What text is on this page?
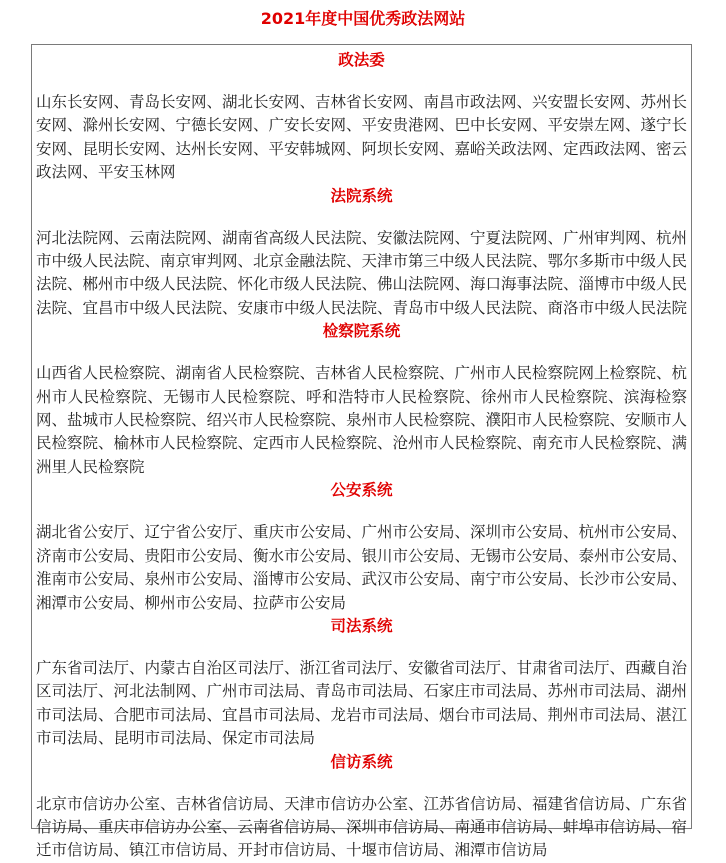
2021年度中国优秀政法网站
政法委

山东长安网、青岛长安网、湖北长安网、吉林省长安网、南昌市政法网、兴安盟长安网、苏州长安网、滁州长安网、宁德长安网、广安长安网、平安贵港网、巴中长安网、平安崇左网、遂宁长安网、昆明长安网、达州长安网、平安韩城网、阿坝长安网、嘉峪关政法网、定西政法网、密云政法网、平安玉林网

法院系统

河北法院网、云南法院网、湖南省高级人民法院、安徽法院网、宁夏法院网、广州审判网、杭州市中级人民法院、南京审判网、北京金融法院、天津市第三中级人民法院、鄂尔多斯市中级人民法院、郴州市中级人民法院、怀化市级人民法院、佛山法院网、海口海事法院、淄博市中级人民法院、宜昌市中级人民法院、安康市中级人民法院、青岛市中级人民法院、商洛市中级人民法院

检察院系统

山西省人民检察院、湖南省人民检察院、吉林省人民检察院、广州市人民检察院网上检察院、杭州市人民检察院、无锡市人民检察院、呼和浩特市人民检察院、徐州市人民检察院、滨海检察网、盐城市人民检察院、绍兴市人民检察院、泉州市人民检察院、濮阳市人民检察院、安顺市人民检察院、榆林市人民检察院、定西市人民检察院、沧州市人民检察院、南充市人民检察院、满洲里人民检察院

公安系统

湖北省公安厅、辽宁省公安厅、重庆市公安局、广州市公安局、深圳市公安局、杭州市公安局、济南市公安局、贵阳市公安局、衡水市公安局、银川市公安局、无锡市公安局、泰州市公安局、淮南市公安局、泉州市公安局、淄博市公安局、武汉市公安局、南宁市公安局、长沙市公安局、湘潭市公安局、柳州市公安局、拉萨市公安局

司法系统

广东省司法厅、内蒙古自治区司法厅、浙江省司法厅、安徽省司法厅、甘肃省司法厅、西藏自治区司法厅、河北法制网、广州市司法局、青岛市司法局、石家庄市司法局、苏州市司法局、湖州市司法局、合肥市司法局、宜昌市司法局、龙岩市司法局、烟台市司法局、荆州市司法局、湛江市司法局、昆明市司法局、保定市司法局

信访系统

北京市信访办公室、吉林省信访局、天津市信访办公室、江苏省信访局、福建省信访局、广东省信访局、重庆市信访办公室、云南省信访局、深圳市信访局、南通市信访局、蚌埠市信访局、宿迁市信访局、镇江市信访局、开封市信访局、十堰市信访局、湘潭市信访局
